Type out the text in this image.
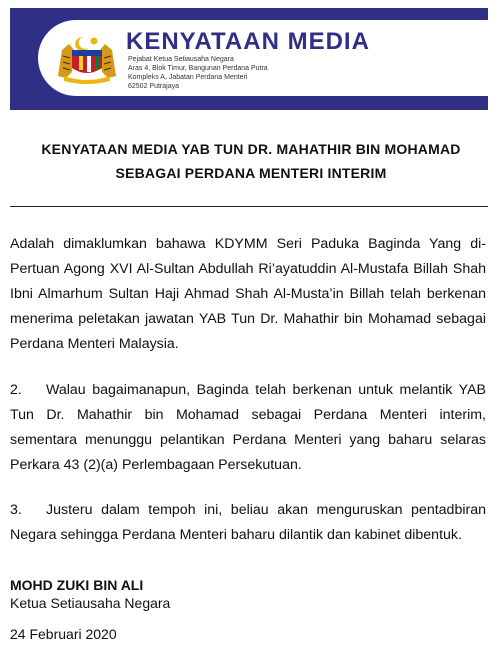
KENYATAAN MEDIA
Pejabat Ketua Setiausaha Negara
Aras 4, Blok Timur, Bangunan Perdana Putra
Kompleks A, Jabatan Perdana Menteri
62502 Putrajaya
KENYATAAN MEDIA YAB TUN DR. MAHATHIR BIN MOHAMAD
SEBAGAI PERDANA MENTERI INTERIM
Adalah dimaklumkan bahawa KDYMM Seri Paduka Baginda Yang di-Pertuan Agong XVI Al-Sultan Abdullah Ri’ayatuddin Al-Mustafa Billah Shah Ibni Almarhum Sultan Haji Ahmad Shah Al-Musta’in Billah telah berkenan menerima peletakan jawatan YAB Tun Dr. Mahathir bin Mohamad sebagai Perdana Menteri Malaysia.
2. Walau bagaimanapun, Baginda telah berkenan untuk melantik YAB Tun Dr. Mahathir bin Mohamad sebagai Perdana Menteri interim, sementara menunggu pelantikan Perdana Menteri yang baharu selaras Perkara 43 (2)(a) Perlembagaan Persekutuan.
3. Justeru dalam tempoh ini, beliau akan menguruskan pentadbiran Negara sehingga Perdana Menteri baharu dilantik dan kabinet dibentuk.
MOHD ZUKI BIN ALI
Ketua Setiausaha Negara
24 Februari 2020
